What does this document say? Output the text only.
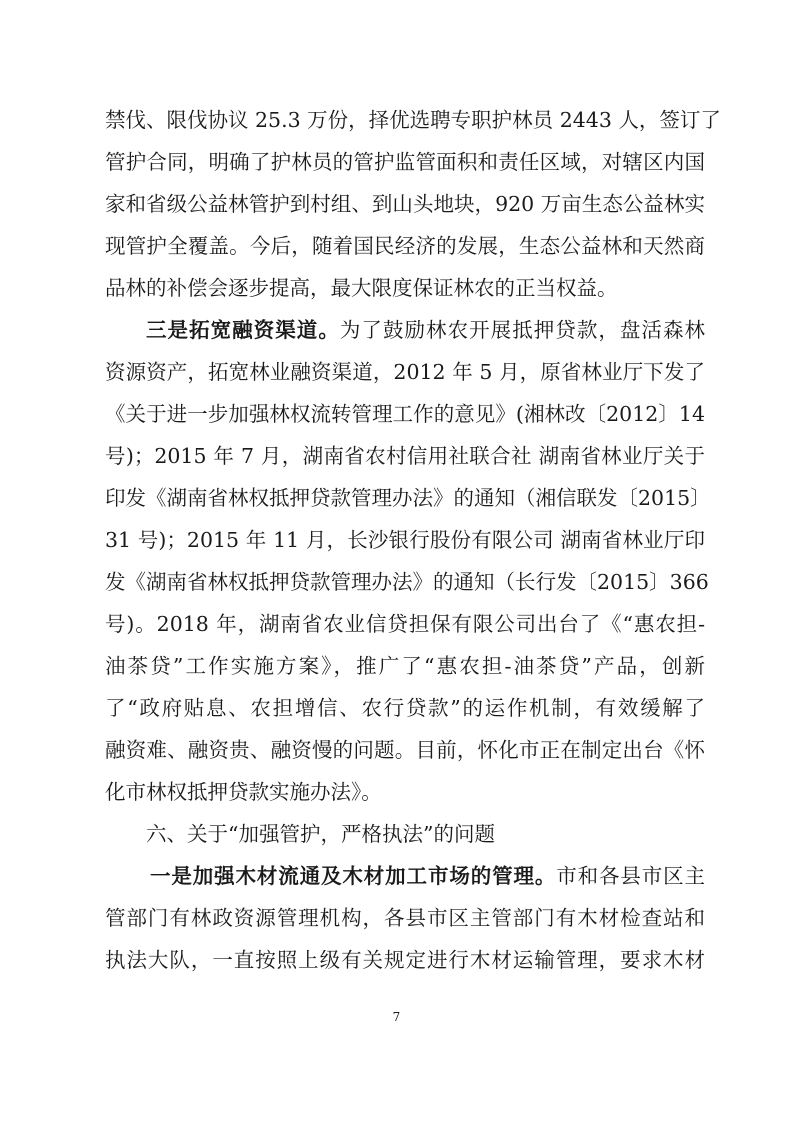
禁伐、限伐协议 25.3 万份，择优选聘专职护林员 2443 人，签订了
管护合同，明确了护林员的管护监管面积和责任区域，对辖区内国
家和省级公益林管护到村组、到山头地块，920 万亩生态公益林实
现管护全覆盖。今后，随着国民经济的发展，生态公益林和天然商
品林的补偿会逐步提高，最大限度保证林农的正当权益。
三是拓宽融资渠道。为了鼓励林农开展抵押贷款，盘活森林
资源资产，拓宽林业融资渠道，2012 年 5 月，原省林业厅下发了
《关于进一步加强林权流转管理工作的意见》(湘林改〔2012〕14
号)；2015 年 7 月，湖南省农村信用社联合社 湖南省林业厅关于
印发《湖南省林权抵押贷款管理办法》的通知（湘信联发〔2015〕
31 号)；2015 年 11 月，长沙银行股份有限公司 湖南省林业厅印
发《湖南省林权抵押贷款管理办法》的通知（长行发〔2015〕366
号)。2018 年，湖南省农业信贷担保有限公司出台了《“惠农担-
油茶贷”工作实施方案》，推广了“惠农担-油茶贷”产品，创新
了“政府贴息、农担增信、农行贷款”的运作机制，有效缓解了
融资难、融资贵、融资慢的问题。目前，怀化市正在制定出台《怀
化市林权抵押贷款实施办法》。
六、关于“加强管护，严格执法”的问题
一是加强木材流通及木材加工市场的管理。市和各县市区主
管部门有林政资源管理机构，各县市区主管部门有木材检查站和
执法大队，一直按照上级有关规定进行木材运输管理，要求木材
7
